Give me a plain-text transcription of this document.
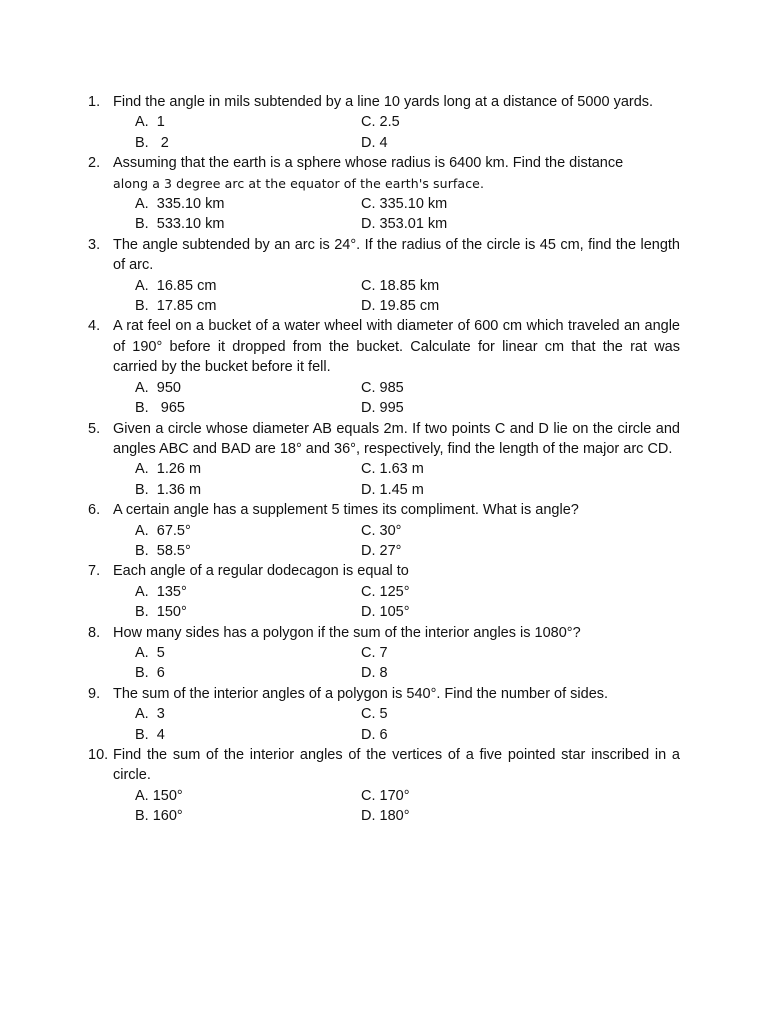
1. Find the angle in mils subtended by a line 10 yards long at a distance of 5000 yards.

A.  1	C. 2.5
B.   2	D. 4
2. Assuming that the earth is a sphere whose radius is 6400 km. Find the distance

along a 3 degree arc at the equator of the earth's surface.
A.  335.10 km	C. 335.10 km
B.  533.10 km	D. 353.01 km
3. The angle subtended by an arc is 24°. If the radius of the circle is 45 cm, find the length of arc.

A.  16.85 cm	C. 18.85 km
B.  17.85 cm	D. 19.85 cm
4. A rat feel on a bucket of a water wheel with diameter of 600 cm which traveled an angle of 190° before it dropped from the bucket. Calculate for linear cm that the rat was carried by the bucket before it fell.

A.  950	C. 985
B.   965	D. 995
5. Given a circle whose diameter AB equals 2m. If two points C and D lie on the circle and angles ABC and BAD are 18° and 36°, respectively, find the length of the major arc CD.

A.  1.26 m	C. 1.63 m
B.  1.36 m	D. 1.45 m
6. A certain angle has a supplement 5 times its compliment. What is angle?

A.  67.5°	C. 30°
B.  58.5°	D. 27°
7. Each angle of a regular dodecagon is equal to

A.  135°	C. 125°
B.  150°	D. 105°
8. How many sides has a polygon if the sum of the interior angles is 1080°?

A.  5	C. 7
B.  6	D. 8
9. The sum of the interior angles of a polygon is 540°. Find the number of sides.

A.  3	C. 5
B.  4	D. 6
10. Find the sum of the interior angles of the vertices of a five pointed star inscribed in a circle.

A. 150°	C. 170°
B. 160°	D. 180°
